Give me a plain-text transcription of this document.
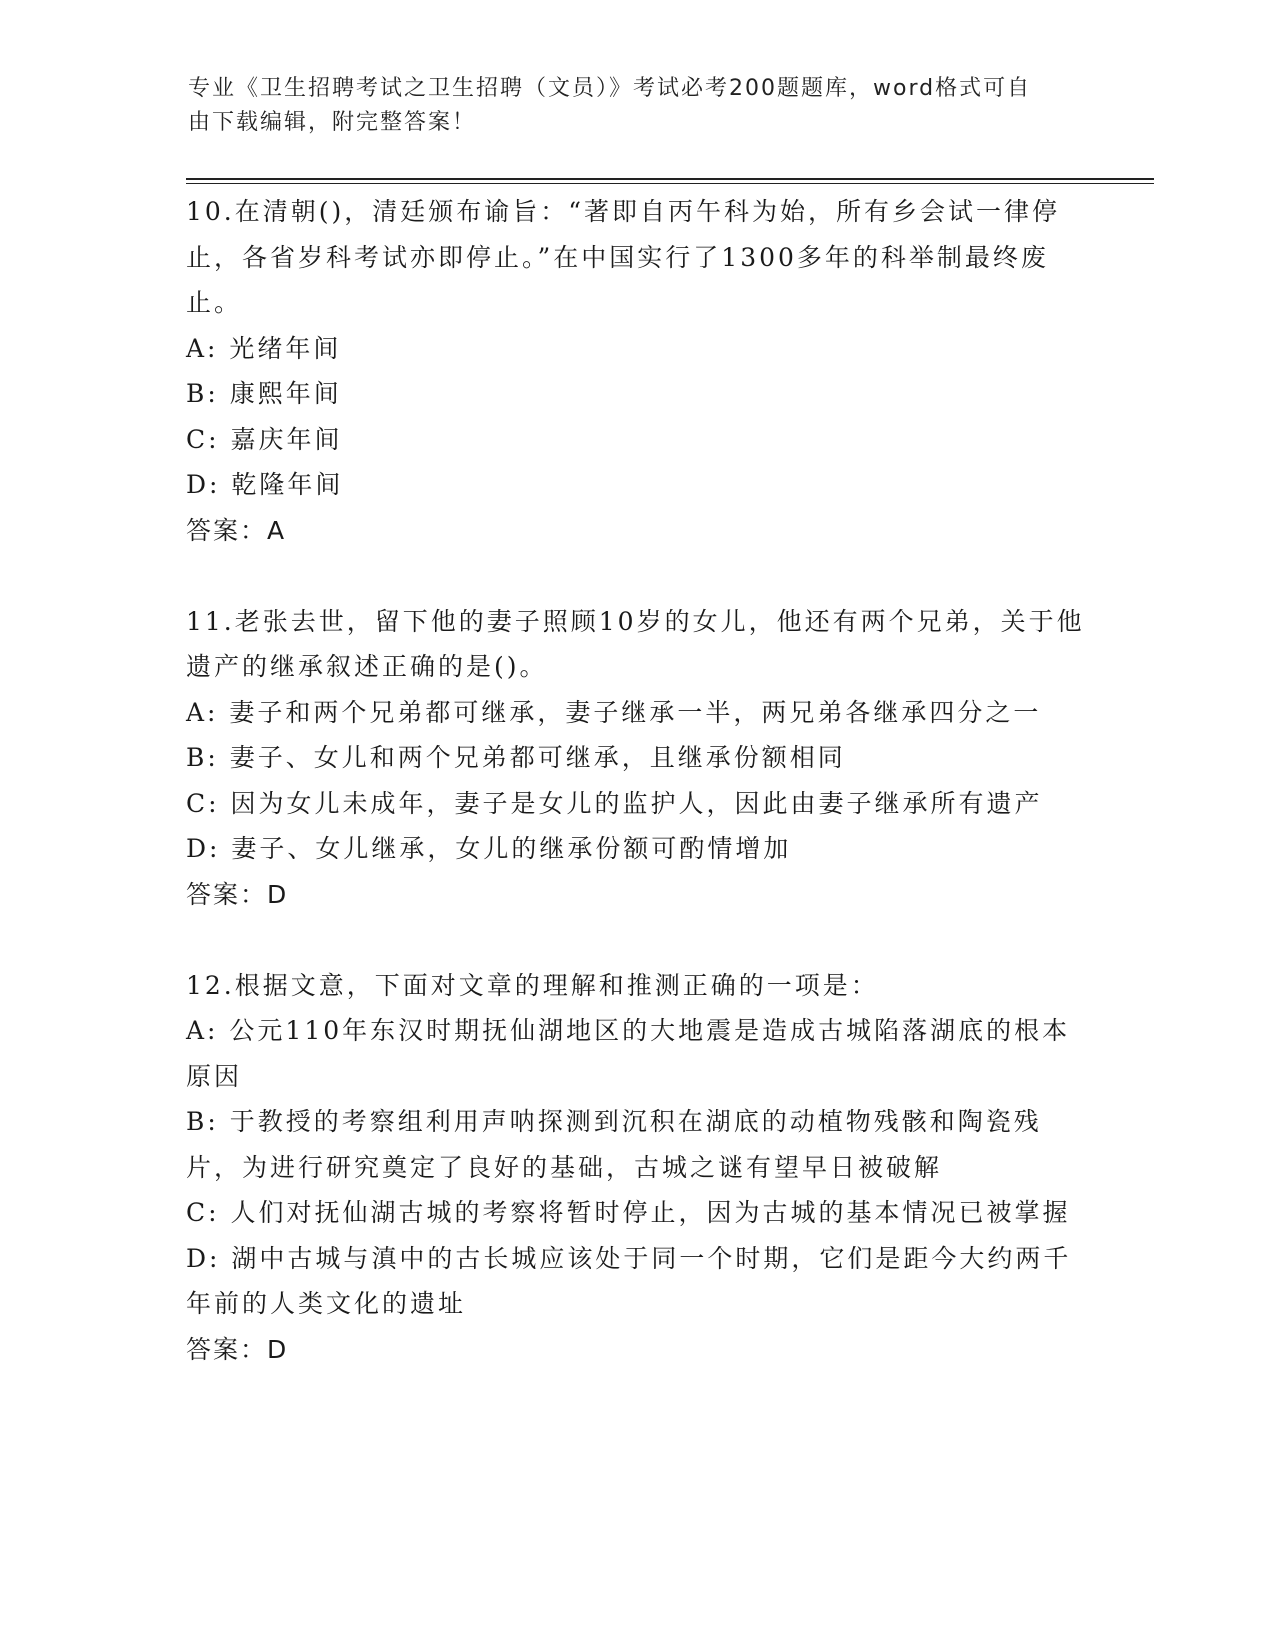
专业《卫生招聘考试之卫生招聘（文员）》考试必考200题题库，word格式可自
由下载编辑，附完整答案！

10.在清朝()，清廷颁布谕旨：“著即自丙午科为始，所有乡会试一律停止，各省岁科考试亦即停止。”在中国实行了1300多年的科举制最终废止。

A: 光绪年间

B: 康熙年间

C: 嘉庆年间

D: 乾隆年间

答案：A

11.老张去世，留下他的妻子照顾10岁的女儿，他还有两个兄弟，关于他遗产的继承叙述正确的是()。

A: 妻子和两个兄弟都可继承，妻子继承一半，两兄弟各继承四分之一

B: 妻子、女儿和两个兄弟都可继承，且继承份额相同

C: 因为女儿未成年，妻子是女儿的监护人，因此由妻子继承所有遗产

D: 妻子、女儿继承，女儿的继承份额可酌情增加

答案：D

12.根据文意，下面对文章的理解和推测正确的一项是：

A: 公元110年东汉时期抚仙湖地区的大地震是造成古城陷落湖底的根本原因

B: 于教授的考察组利用声呐探测到沉积在湖底的动植物残骸和陶瓷残片，为进行研究奠定了良好的基础，古城之谜有望早日被破解

C: 人们对抚仙湖古城的考察将暂时停止，因为古城的基本情况已被掌握

D: 湖中古城与滇中的古长城应该处于同一个时期，它们是距今大约两千年前的人类文化的遗址

答案：D
